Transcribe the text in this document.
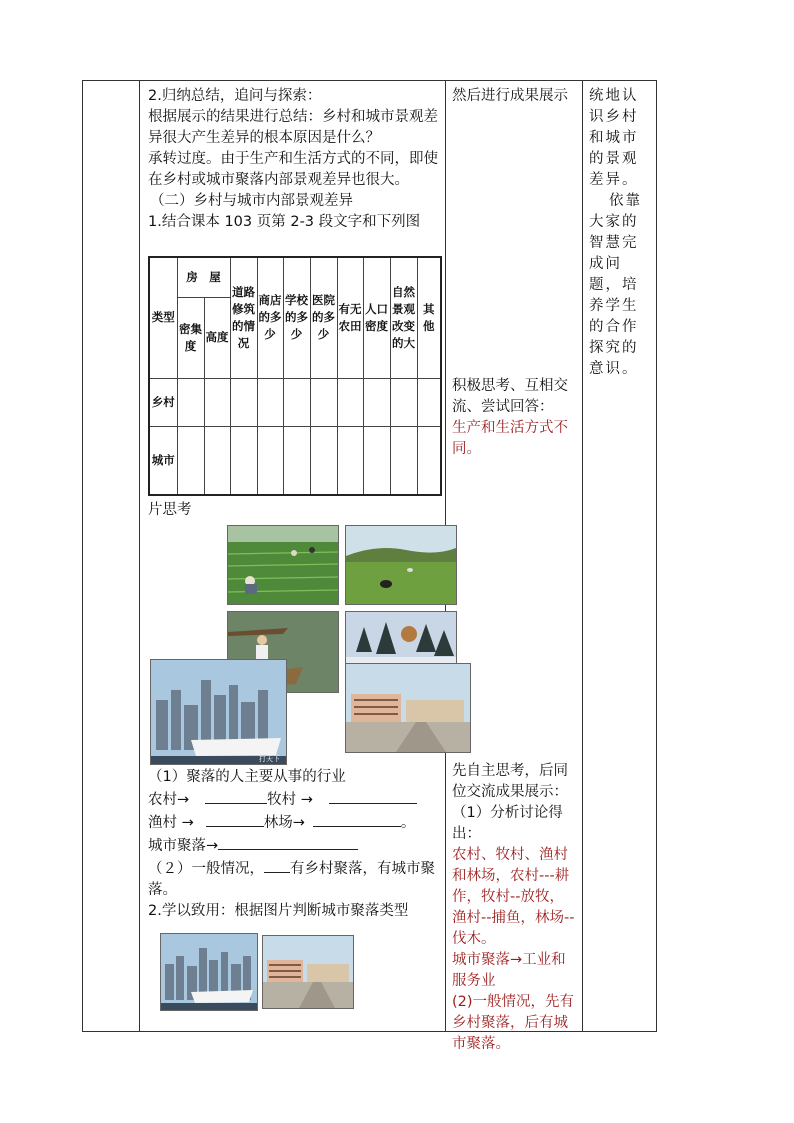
2.归纳总结，追问与探索：

根据展示的结果进行总结：乡村和城市景观差异很大产生差异的根本原因是什么？

承转过度。由于生产和生活方式的不同，即使在乡村或城市聚落内部景观差异也很大。

（二）乡村与城市内部景观差异

1.结合课本 103 页第 2-3 段文字和下列图

类型	房　屋	道路修筑的情况	商店的多少	学校的多少	医院的多少	有无农田	人口密度	自然景观改变的大	其他
密集度	高度
乡村										
城市										
片思考
打天下
（1）聚落的人主要从事的行业
农村→	牧村 →
渔村 →	林场→	。
城市聚落→
（２）一般情况， 有乡村聚落，有城市聚落。
2.学以致用：根据图片判断城市聚落类型

然后进行成果展示

积极思考、互相交流、尝试回答：

生产和生活方式不同。

先自主思考，后同位交流成果展示：

（1）分析讨论得出：

农村、牧村、渔村和林场，农村---耕作，牧村--放牧，渔村--捕鱼，林场--伐木。

城市聚落→工业和服务业

(2)一般情况，先有乡村聚落，后有城市聚落。

统地认识乡村和城市的景观差异。
依靠大家的智慧完成问题，培养学生的合作探究的意识。
